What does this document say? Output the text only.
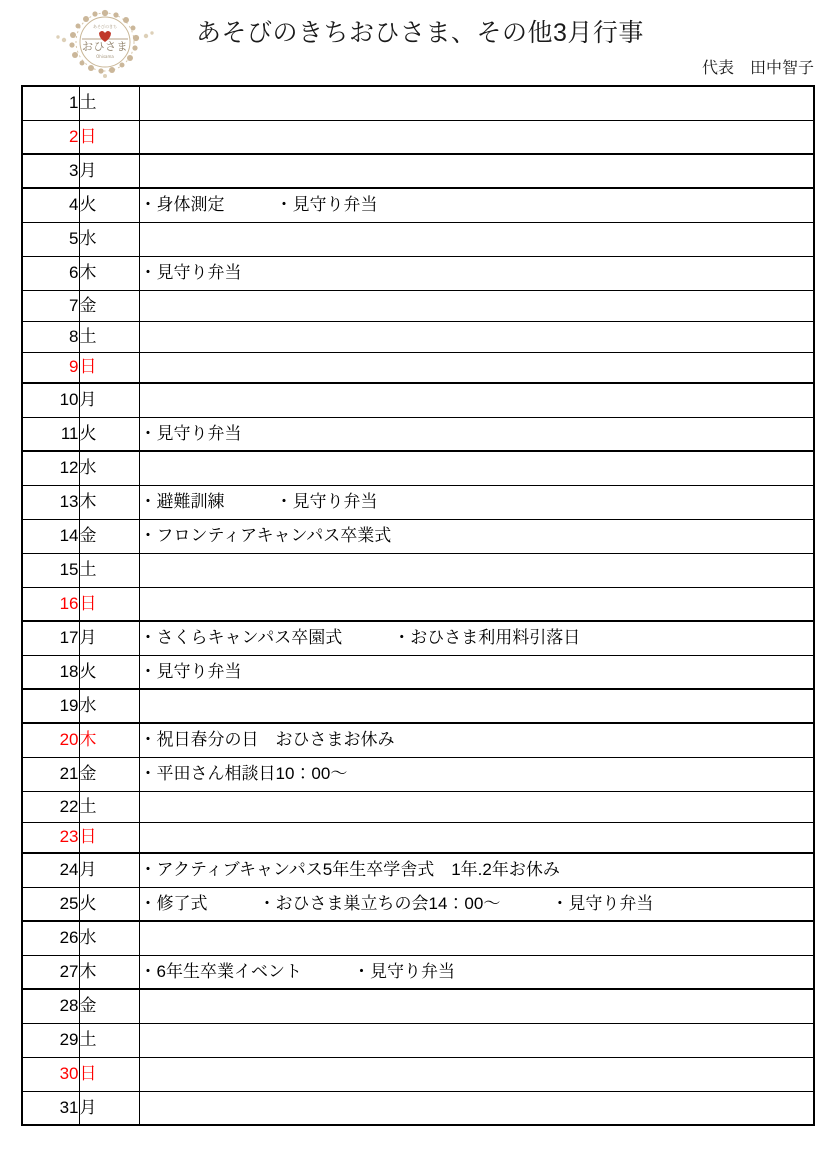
おひさま
あそびのきち
Ohisama
あそびのきちおひさま、その他3月行事
代表　田中智子
1	土	
2	日	
3	月	
4	火	・身体測定　　　・見守り弁当
5	水	
6	木	・見守り弁当
7	金	
8	土	
9	日	
10	月	
11	火	・見守り弁当
12	水	
13	木	・避難訓練　　　・見守り弁当
14	金	・フロンティアキャンパス卒業式
15	土	
16	日	
17	月	・さくらキャンパス卒園式　　　・おひさま利用料引落日
18	火	・見守り弁当
19	水	
20	木	・祝日春分の日　おひさまお休み
21	金	・平田さん相談日10：00〜
22	土	
23	日	
24	月	・アクティブキャンパス5年生卒学舎式　1年.2年お休み
25	火	・修了式　　　・おひさま巣立ちの会14：00〜　　　・見守り弁当
26	水	
27	木	・6年生卒業イベント　　　・見守り弁当
28	金	
29	土	
30	日	
31	月	
